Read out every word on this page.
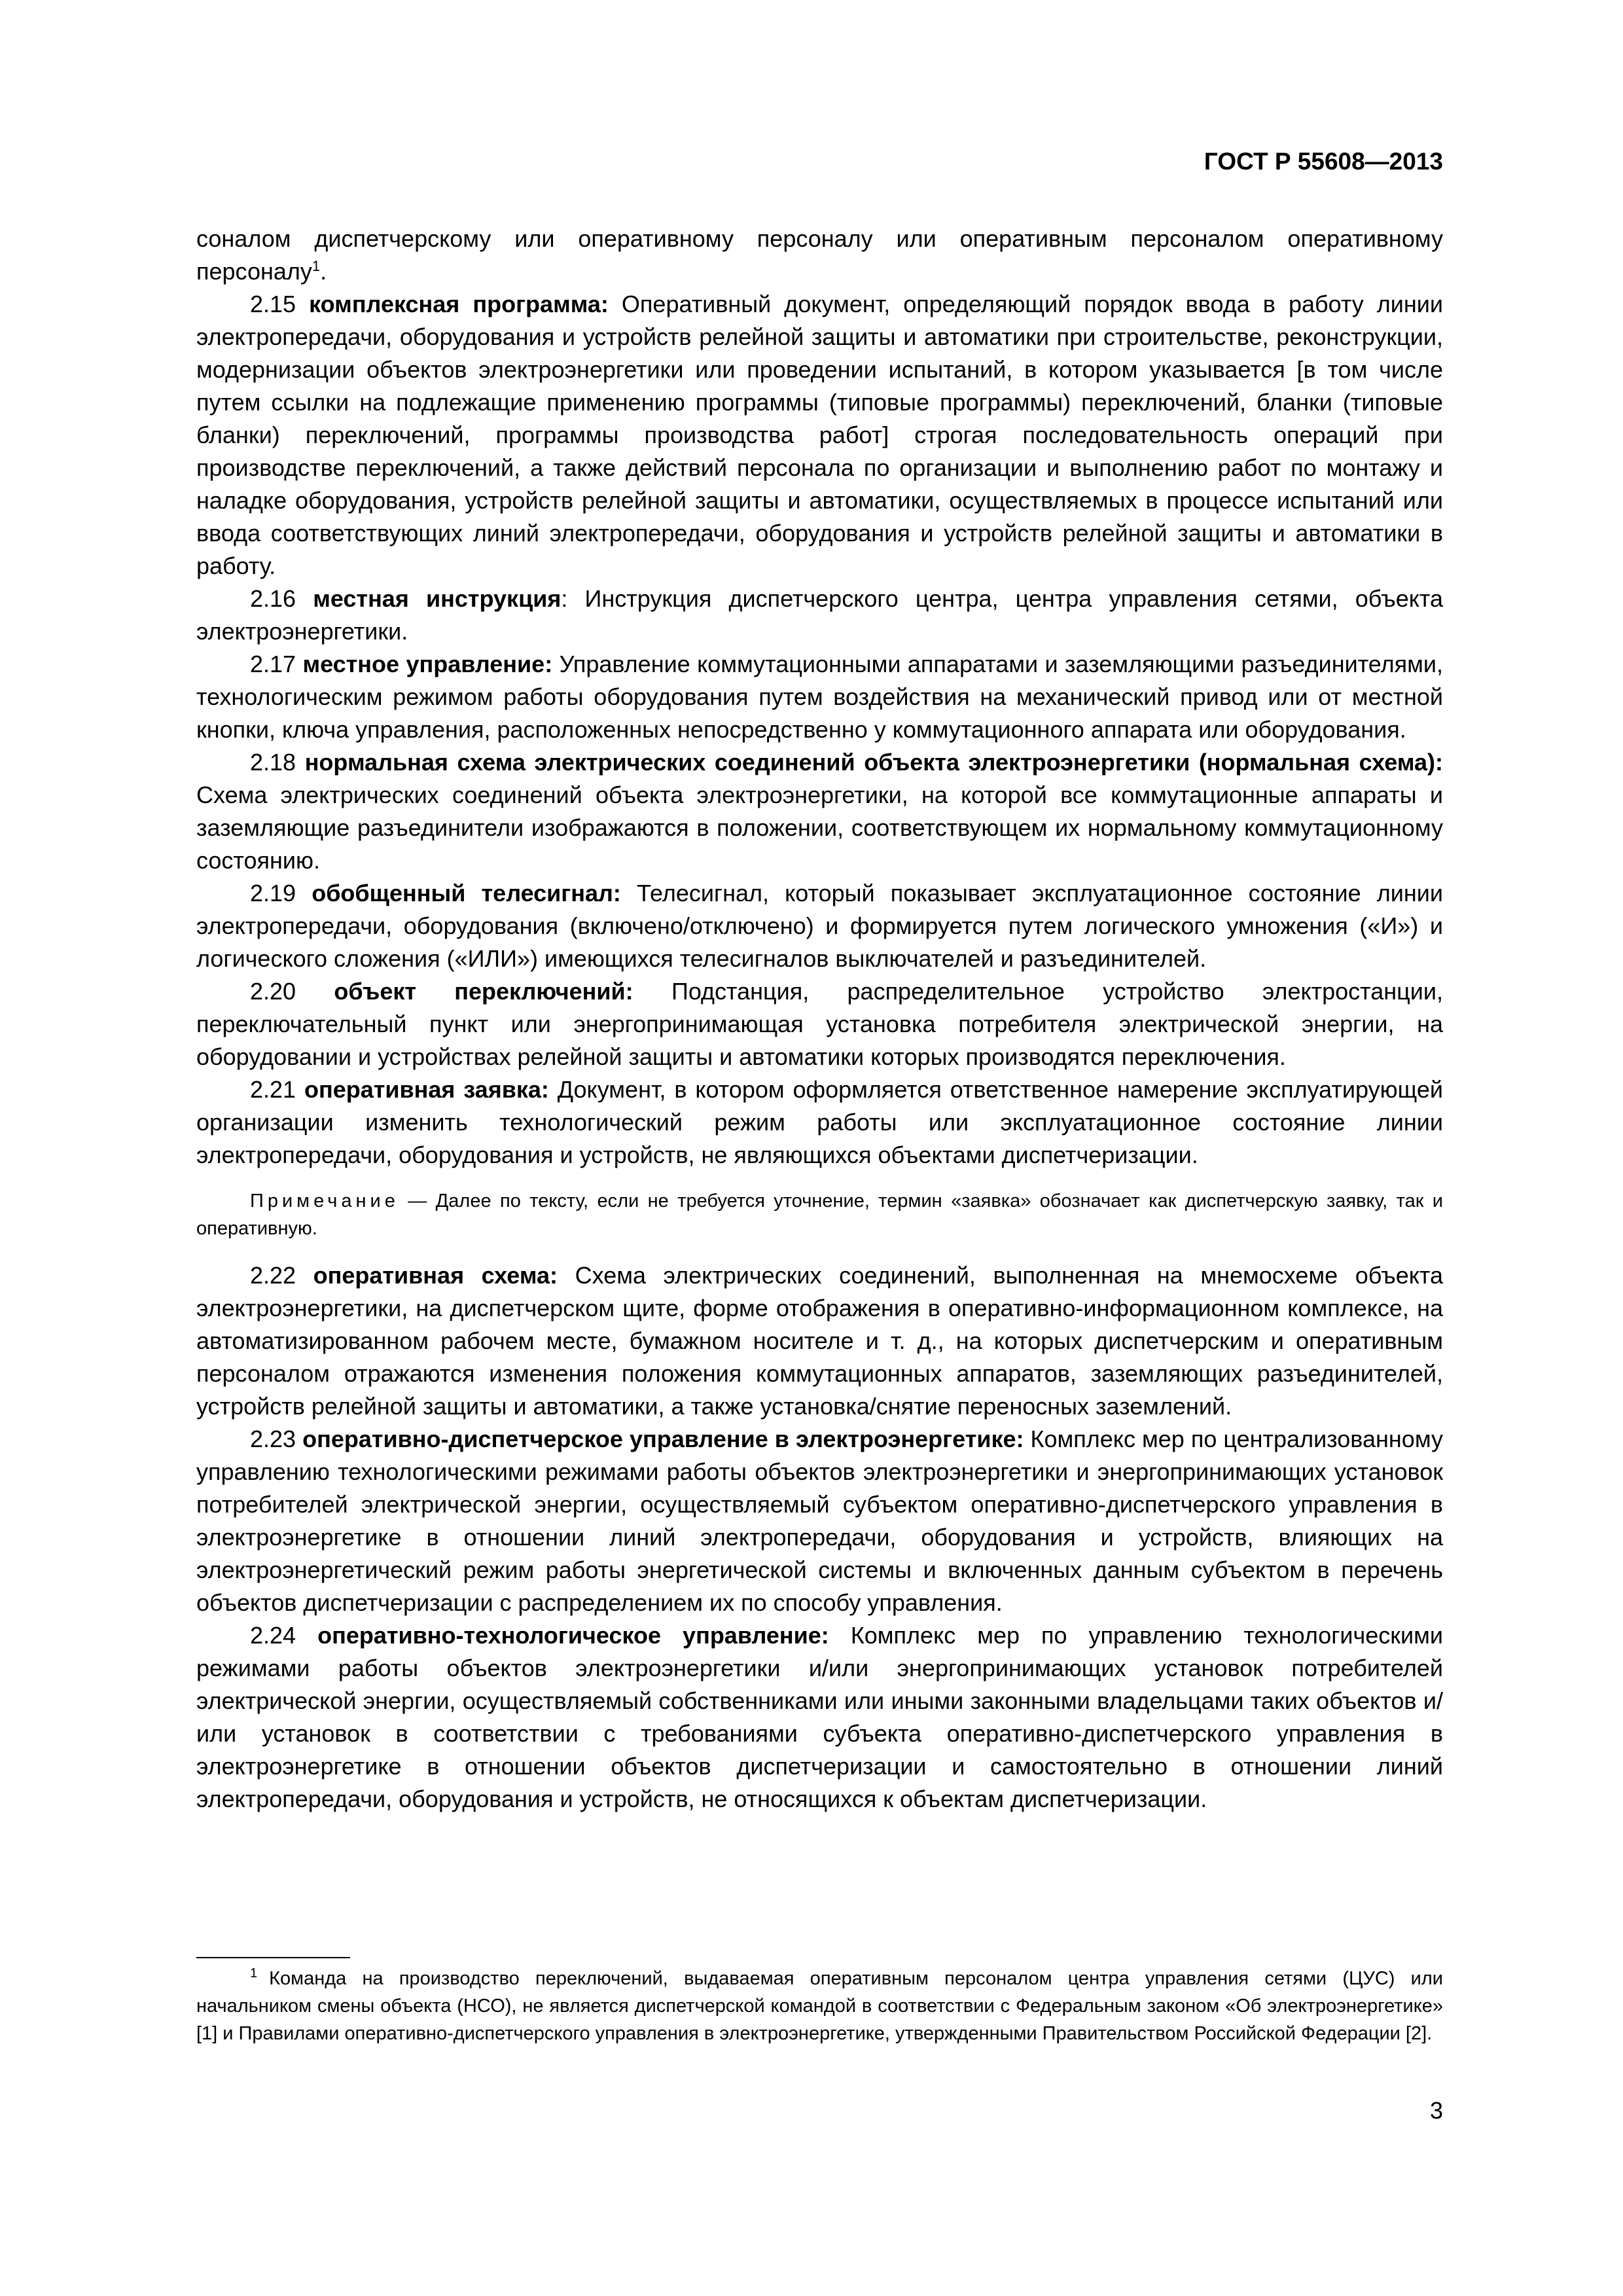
ГОСТ Р 55608—2013

соналом диспетчерскому или оперативному персоналу или оперативным персоналом оперативному персоналу$^1$.

2.15 комплексная программа: Оперативный документ, определяющий порядок ввода в работу линии электропередачи, оборудования и устройств релейной защиты и автоматики при строительстве, реконструкции, модернизации объектов электроэнергетики или проведении испытаний, в котором указывается [в том числе путем ссылки на подлежащие применению программы (типовые программы) переключений, бланки (типовые бланки) переключений, программы производства работ] строгая последовательность операций при производстве переключений, а также действий персонала по организации и выполнению работ по монтажу и наладке оборудования, устройств релейной защиты и автоматики, осуществляемых в процессе испытаний или ввода соответствующих линий электропередачи, оборудования и устройств релейной защиты и автоматики в работу.

2.16 местная инструкция: Инструкция диспетчерского центра, центра управления сетями, объекта электроэнергетики.

2.17 местное управление: Управление коммутационными аппаратами и заземляющими разъединителями, технологическим режимом работы оборудования путем воздействия на механический привод или от местной кнопки, ключа управления, расположенных непосредственно у коммутационного аппарата или оборудования.

2.18 нормальная схема электрических соединений объекта электроэнергетики (нормальная схема): Схема электрических соединений объекта электроэнергетики, на которой все коммутационные аппараты и заземляющие разъединители изображаются в положении, соответствующем их нормальному коммутационному состоянию.

2.19 обобщенный телесигнал: Телесигнал, который показывает эксплуатационное состояние линии электропередачи, оборудования (включено/отключено) и формируется путем логического умножения («И») и логического сложения («ИЛИ») имеющихся телесигналов выключателей и разъединителей.

2.20 объект переключений: Подстанция, распределительное устройство электростанции, переключательный пункт или энергопринимающая установка потребителя электрической энергии, на оборудовании и устройствах релейной защиты и автоматики которых производятся переключения.

2.21 оперативная заявка: Документ, в котором оформляется ответственное намерение эксплуатирующей организации изменить технологический режим работы или эксплуатационное состояние линии электропередачи, оборудования и устройств, не являющихся объектами диспетчеризации.

Примечание — Далее по тексту, если не требуется уточнение, термин «заявка» обозначает как диспетчерскую заявку, так и оперативную.

2.22 оперативная схема: Схема электрических соединений, выполненная на мнемосхеме объекта электроэнергетики, на диспетчерском щите, форме отображения в оперативно-информационном комплексе, на автоматизированном рабочем месте, бумажном носителе и т. д., на которых диспетчерским и оперативным персоналом отражаются изменения положения коммутационных аппаратов, заземляющих разъединителей, устройств релейной защиты и автоматики, а также установка/снятие переносных заземлений.

2.23 оперативно-диспетчерское управление в электроэнергетике: Комплекс мер по централизованному управлению технологическими режимами работы объектов электроэнергетики и энергопринимающих установок потребителей электрической энергии, осуществляемый субъектом оперативно-диспетчерского управления в электроэнергетике в отношении линий электропередачи, оборудования и устройств, влияющих на электроэнергетический режим работы энергетической системы и включенных данным субъектом в перечень объектов диспетчеризации с распределением их по способу управления.

2.24 оперативно-технологическое управление: Комплекс мер по управлению технологическими режимами работы объектов электроэнергетики и/или энергопринимающих установок потребителей электрической энергии, осуществляемый собственниками или иными законными владельцами таких объектов и/или установок в соответствии с требованиями субъекта оперативно-диспетчерского управления в электроэнергетике в отношении объектов диспетчеризации и самостоятельно в отношении линий электропередачи, оборудования и устройств, не относящихся к объектам диспетчеризации.

$^1$ Команда на производство переключений, выдаваемая оперативным персоналом центра управления сетями (ЦУС) или начальником смены объекта (НСО), не является диспетчерской командой в соответствии с Федеральным законом «Об электроэнергетике» [1] и Правилами оперативно-диспетчерского управления в электроэнергетике, утвержденными Правительством Российской Федерации [2].
3
